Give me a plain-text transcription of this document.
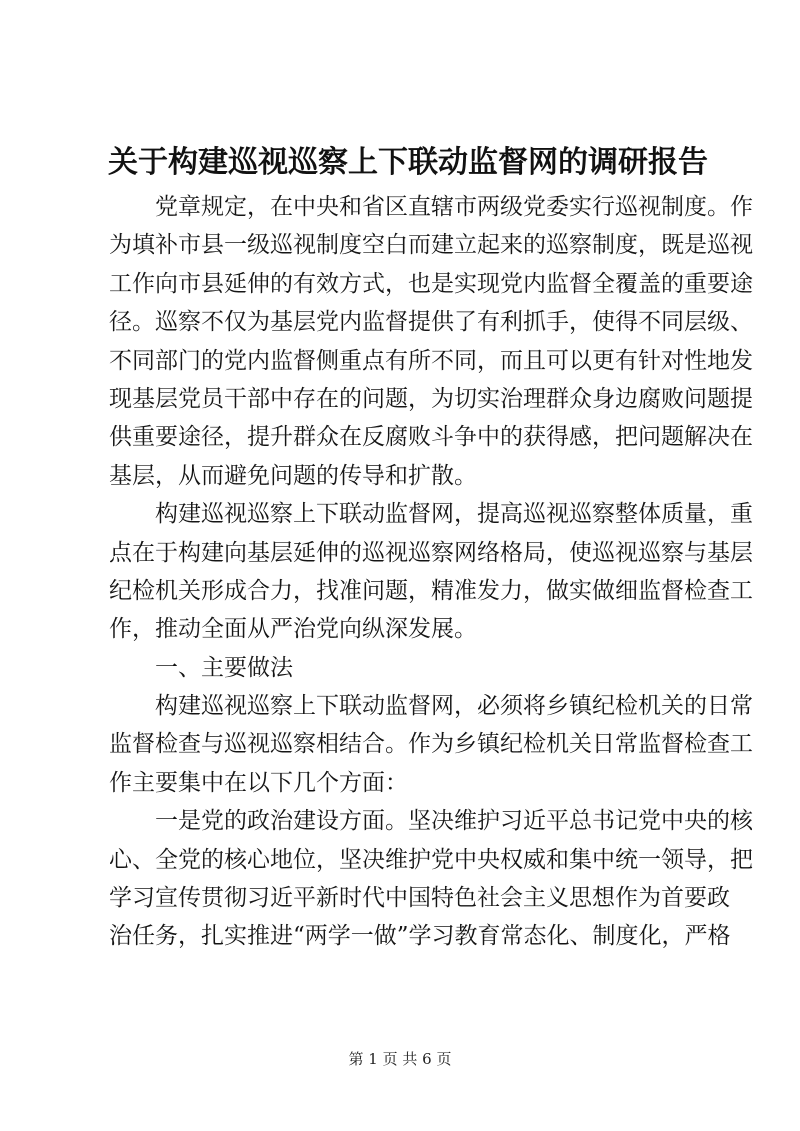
关于构建巡视巡察上下联动监督网的调研报告
党章规定，在中央和省区直辖市两级党委实行巡视制度。作
为填补市县一级巡视制度空白而建立起来的巡察制度，既是巡视
工作向市县延伸的有效方式，也是实现党内监督全覆盖的重要途
径。巡察不仅为基层党内监督提供了有利抓手，使得不同层级、
不同部门的党内监督侧重点有所不同，而且可以更有针对性地发
现基层党员干部中存在的问题，为切实治理群众身边腐败问题提
供重要途径，提升群众在反腐败斗争中的获得感，把问题解决在
基层，从而避免问题的传导和扩散。
构建巡视巡察上下联动监督网，提高巡视巡察整体质量，重
点在于构建向基层延伸的巡视巡察网络格局，使巡视巡察与基层
纪检机关形成合力，找准问题，精准发力，做实做细监督检查工
作，推动全面从严治党向纵深发展。
一、主要做法
构建巡视巡察上下联动监督网，必须将乡镇纪检机关的日常
监督检查与巡视巡察相结合。作为乡镇纪检机关日常监督检查工
作主要集中在以下几个方面：
一是党的政治建设方面。坚决维护习近平总书记党中央的核
心、全党的核心地位，坚决维护党中央权威和集中统一领导，把
学习宣传贯彻习近平新时代中国特色社会主义思想作为首要政
治任务，扎实推进“两学一做”学习教育常态化、制度化，严格
第 1 页 共 6 页
